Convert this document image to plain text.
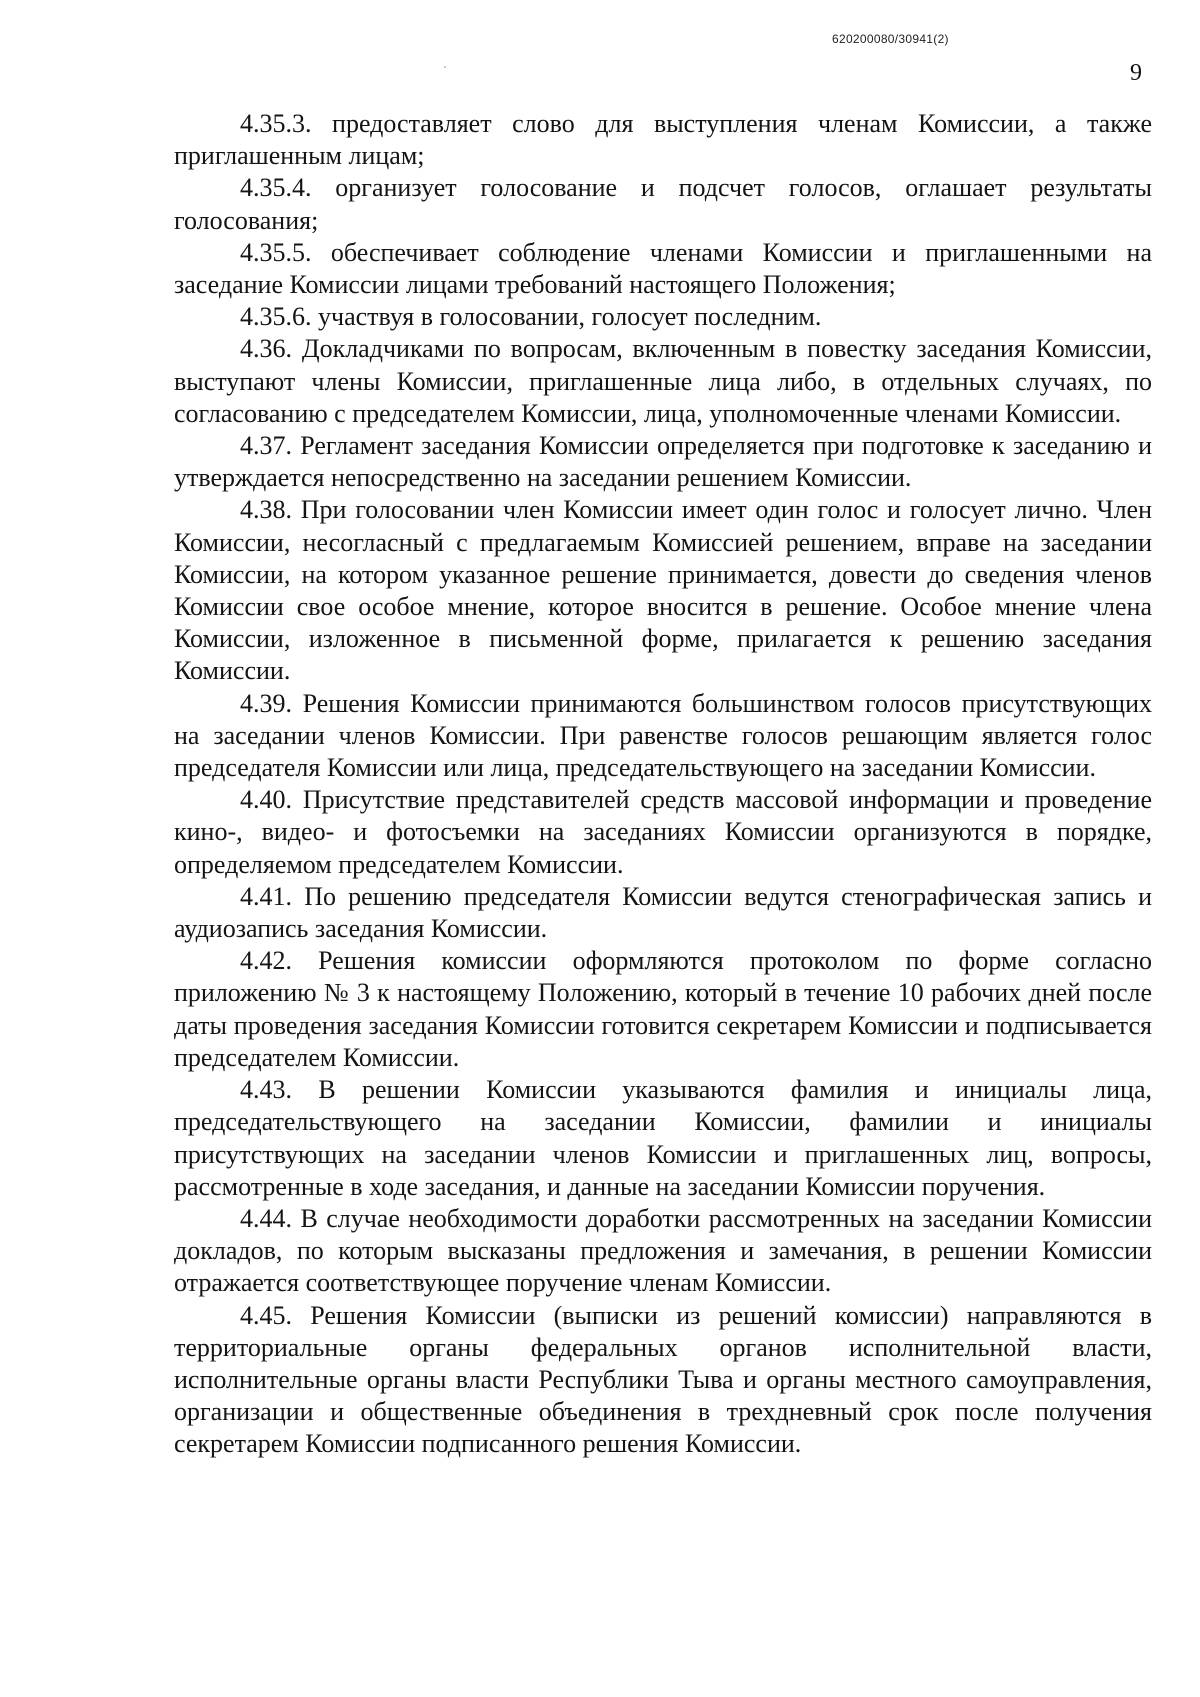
620200080/30941(2)
9

4.35.3. предоставляет слово для выступления членам Комиссии, а также приглашенным лицам;

4.35.4. организует голосование и подсчет голосов, оглашает результаты голосования;

4.35.5. обеспечивает соблюдение членами Комиссии и приглашенными на заседание Комиссии лицами требований настоящего Положения;

4.35.6. участвуя в голосовании, голосует последним.

4.36. Докладчиками по вопросам, включенным в повестку заседания Комиссии, выступают члены Комиссии, приглашенные лица либо, в отдельных случаях, по согласованию с председателем Комиссии, лица, уполномоченные членами Комиссии.

4.37. Регламент заседания Комиссии определяется при подготовке к заседанию и утверждается непосредственно на заседании решением Комиссии.

4.38. При голосовании член Комиссии имеет один голос и голосует лично. Член Комиссии, несогласный с предлагаемым Комиссией решением, вправе на заседании Комиссии, на котором указанное решение принимается, довести до сведения членов Комиссии свое особое мнение, которое вносится в решение. Особое мнение члена Комиссии, изложенное в письменной форме, прилагается к решению заседания Комиссии.

4.39. Решения Комиссии принимаются большинством голосов присутствующих на заседании членов Комиссии. При равенстве голосов решающим является голос председателя Комиссии или лица, председательствующего на заседании Комиссии.

4.40. Присутствие представителей средств массовой информации и проведение кино-, видео- и фотосъемки на заседаниях Комиссии организуются в порядке, определяемом председателем Комиссии.

4.41. По решению председателя Комиссии ведутся стенографическая запись и аудиозапись заседания Комиссии.

4.42. Решения комиссии оформляются протоколом по форме согласно приложению № 3 к настоящему Положению, который в течение 10 рабочих дней после даты проведения заседания Комиссии готовится секретарем Комиссии и подписывается председателем Комиссии.

4.43. В решении Комиссии указываются фамилия и инициалы лица, председательствующего на заседании Комиссии, фамилии и инициалы присутствующих на заседании членов Комиссии и приглашенных лиц, вопросы, рассмотренные в ходе заседания, и данные на заседании Комиссии поручения.

4.44. В случае необходимости доработки рассмотренных на заседании Комиссии докладов, по которым высказаны предложения и замечания, в решении Комиссии отражается соответствующее поручение членам Комиссии.

4.45. Решения Комиссии (выписки из решений комиссии) направляются в территориальные органы федеральных органов исполнительной власти, исполнительные органы власти Республики Тыва и органы местного самоуправления, организации и общественные объединения в трехдневный срок после получения секретарем Комиссии подписанного решения Комиссии.
